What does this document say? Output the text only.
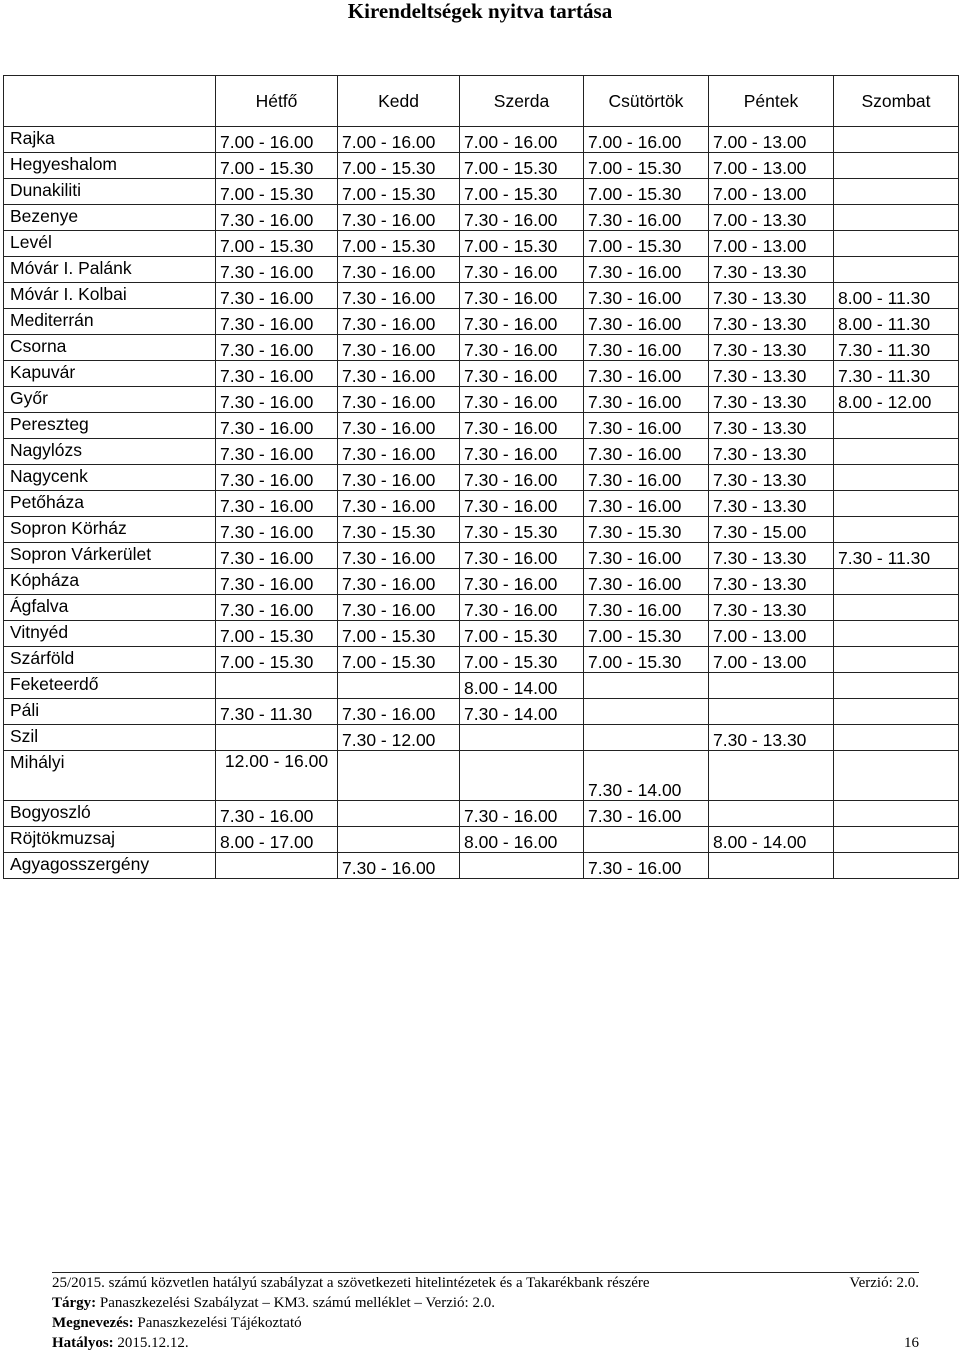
Kirendeltségek nyitva tartása
	Hétfő	Kedd	Szerda	Csütörtök	Péntek	Szombat
Rajka	7.00 - 16.00	7.00 - 16.00	7.00 - 16.00	7.00 - 16.00	7.00 - 13.00	
Hegyeshalom	7.00 - 15.30	7.00 - 15.30	7.00 - 15.30	7.00 - 15.30	7.00 - 13.00	
Dunakiliti	7.00 - 15.30	7.00 - 15.30	7.00 - 15.30	7.00 - 15.30	7.00 - 13.00	
Bezenye	7.30 - 16.00	7.30 - 16.00	7.30 - 16.00	7.30 - 16.00	7.00 - 13.30	
Levél	7.00 - 15.30	7.00 - 15.30	7.00 - 15.30	7.00 - 15.30	7.00 - 13.00	
Móvár I. Palánk	7.30 - 16.00	7.30 - 16.00	7.30 - 16.00	7.30 - 16.00	7.30 - 13.30	
Móvár I. Kolbai	7.30 - 16.00	7.30 - 16.00	7.30 - 16.00	7.30 - 16.00	7.30 - 13.30	8.00 - 11.30
Mediterrán	7.30 - 16.00	7.30 - 16.00	7.30 - 16.00	7.30 - 16.00	7.30 - 13.30	8.00 - 11.30
Csorna	7.30 - 16.00	7.30 - 16.00	7.30 - 16.00	7.30 - 16.00	7.30 - 13.30	7.30 - 11.30
Kapuvár	7.30 - 16.00	7.30 - 16.00	7.30 - 16.00	7.30 - 16.00	7.30 - 13.30	7.30 - 11.30
Győr	7.30 - 16.00	7.30 - 16.00	7.30 - 16.00	7.30 - 16.00	7.30 - 13.30	8.00 - 12.00
Pereszteg	7.30 - 16.00	7.30 - 16.00	7.30 - 16.00	7.30 - 16.00	7.30 - 13.30	
Nagylózs	7.30 - 16.00	7.30 - 16.00	7.30 - 16.00	7.30 - 16.00	7.30 - 13.30	
Nagycenk	7.30 - 16.00	7.30 - 16.00	7.30 - 16.00	7.30 - 16.00	7.30 - 13.30	
Petőháza	7.30 - 16.00	7.30 - 16.00	7.30 - 16.00	7.30 - 16.00	7.30 - 13.30	
Sopron Körház	7.30 - 16.00	7.30 - 15.30	7.30 - 15.30	7.30 - 15.30	7.30 - 15.00	
Sopron Várkerület	7.30 - 16.00	7.30 - 16.00	7.30 - 16.00	7.30 - 16.00	7.30 - 13.30	7.30 - 11.30
Kópháza	7.30 - 16.00	7.30 - 16.00	7.30 - 16.00	7.30 - 16.00	7.30 - 13.30	
Ágfalva	7.30 - 16.00	7.30 - 16.00	7.30 - 16.00	7.30 - 16.00	7.30 - 13.30	
Vitnyéd	7.00 - 15.30	7.00 - 15.30	7.00 - 15.30	7.00 - 15.30	7.00 - 13.00	
Szárföld	7.00 - 15.30	7.00 - 15.30	7.00 - 15.30	7.00 - 15.30	7.00 - 13.00	
Feketeerdő			8.00 - 14.00			
Páli	7.30 - 11.30	7.30 - 16.00	7.30 - 14.00			
Szil		7.30 - 12.00			7.30 - 13.30	
Mihályi	12.00 - 16.00			7.30 - 14.00		
Bogyoszló	7.30 - 16.00		7.30 - 16.00	7.30 - 16.00		
Röjtökmuzsaj	8.00 - 17.00		8.00 - 16.00		8.00 - 14.00	
Agyagosszergény		7.30 - 16.00		7.30 - 16.00		
25/2015. számú közvetlen hatályú szabályzat a szövetkezeti hitelintézetek és a Takarékbank részére	Verzió: 2.0.
Tárgy: Panaszkezelési Szabályzat – KM3. számú melléklet – Verzió: 2.0.
Megnevezés: Panaszkezelési Tájékoztató
Hatályos: 2015.12.12.	16
